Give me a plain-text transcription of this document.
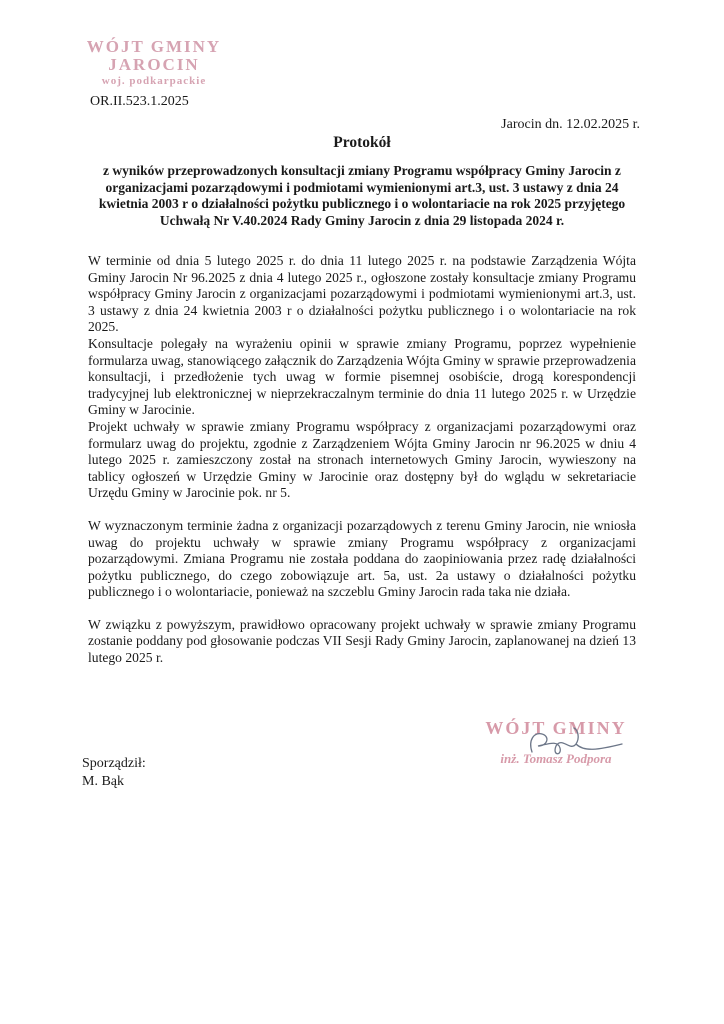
WÓJT GMINY
JAROCIN
woj. podkarpackie
OR.II.523.1.2025
Jarocin dn. 12.02.2025 r.
Protokół
z wyników przeprowadzonych konsultacji zmiany Programu współpracy Gminy Jarocin z organizacjami pozarządowymi i podmiotami wymienionymi art.3, ust. 3 ustawy z dnia 24 kwietnia 2003 r o działalności pożytku publicznego i o wolontariacie na rok 2025 przyjętego Uchwałą Nr V.40.2024 Rady Gminy Jarocin z dnia 29 listopada 2024 r.

W terminie od dnia 5 lutego 2025 r. do dnia 11 lutego 2025 r. na podstawie Zarządzenia Wójta Gminy Jarocin Nr 96.2025 z dnia 4 lutego 2025 r., ogłoszone zostały konsultacje zmiany Programu współpracy Gminy Jarocin z organizacjami pozarządowymi i podmiotami wymienionymi art.3, ust. 3 ustawy z dnia 24 kwietnia 2003 r o działalności pożytku publicznego i o wolontariacie na rok 2025.

Konsultacje polegały na wyrażeniu opinii w sprawie zmiany Programu, poprzez wypełnienie formularza uwag, stanowiącego załącznik do Zarządzenia Wójta Gminy w sprawie przeprowadzenia konsultacji, i przedłożenie tych uwag w formie pisemnej osobiście, drogą korespondencji tradycyjnej lub elektronicznej w nieprzekraczalnym terminie do dnia 11 lutego 2025 r. w Urzędzie Gminy w Jarocinie.

Projekt uchwały w sprawie zmiany Programu współpracy z organizacjami pozarządowymi oraz formularz uwag do projektu, zgodnie z Zarządzeniem Wójta Gminy Jarocin nr 96.2025 w dniu 4 lutego 2025 r. zamieszczony został na stronach internetowych Gminy Jarocin, wywieszony na tablicy ogłoszeń w Urzędzie Gminy w Jarocinie oraz dostępny był do wglądu w sekretariacie Urzędu Gminy w Jarocinie pok. nr 5.

W wyznaczonym terminie żadna z organizacji pozarządowych z terenu Gminy Jarocin, nie wniosła uwag do projektu uchwały w sprawie zmiany Programu współpracy z organizacjami pozarządowymi. Zmiana Programu nie została poddana do zaopiniowania przez radę działalności pożytku publicznego, do czego zobowiązuje art. 5a, ust. 2a ustawy o działalności pożytku publicznego i o wolontariacie, ponieważ na szczeblu Gminy Jarocin rada taka nie działa.

W związku z powyższym, prawidłowo opracowany projekt uchwały w sprawie zmiany Programu zostanie poddany pod głosowanie podczas VII Sesji Rady Gminy Jarocin, zaplanowanej na dzień 13 lutego 2025 r.

WÓJT GMINY
inż. Tomasz Podpora
Sporządził:
M. Bąk
